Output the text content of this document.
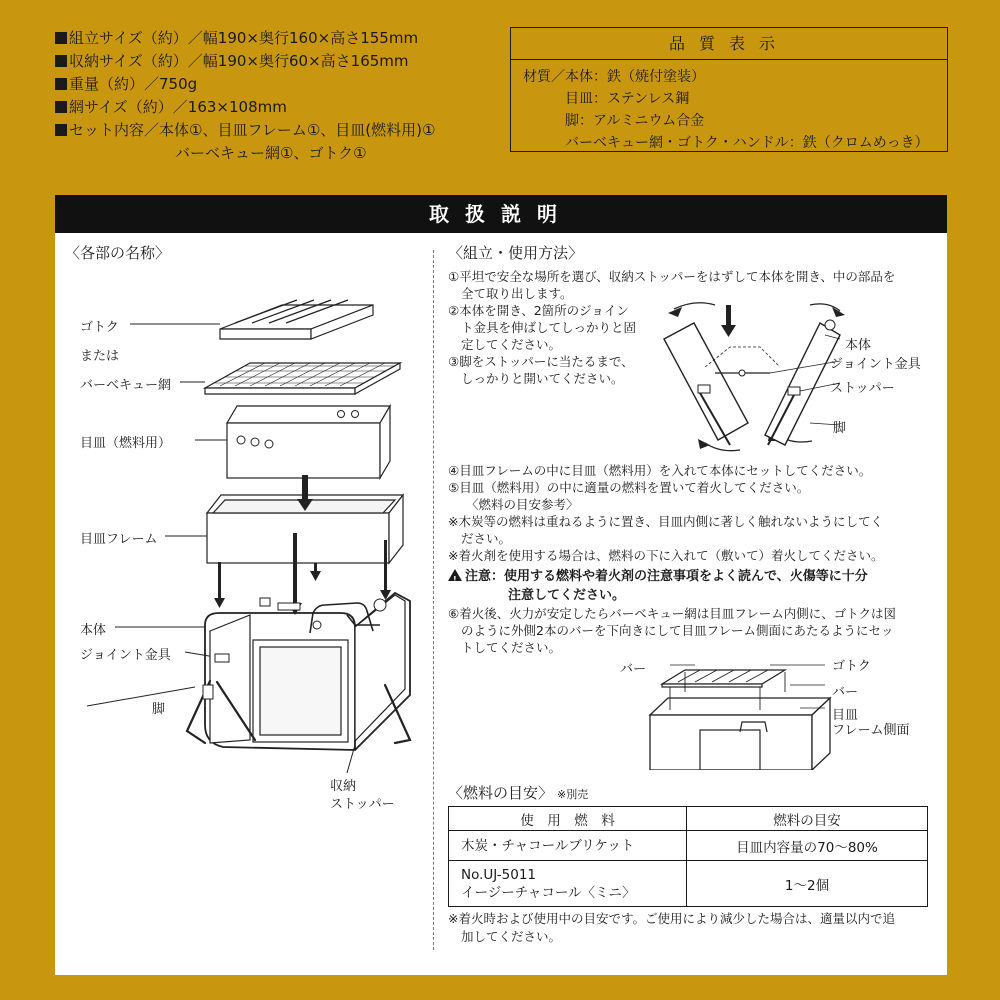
組立サイズ（約）／幅190×奥行160×高さ155mm
収納サイズ（約）／幅190×奥行60×高さ165mm
重量（約）／750g
網サイズ（約）／163×108mm
セット内容／本体①、目皿フレーム①、目皿(燃料用)①
バーベキュー網①、ゴトク①
品質表示
材質／本体：鉄（焼付塗装）
目皿：ステンレス鋼
脚：アルミニウム合金
バーベキュー網・ゴトク・ハンドル：鉄（クロムめっき）
取扱説明
〈各部の名称〉
ゴトク
または
バーベキュー網
目皿（燃料用）
目皿フレーム
本体
ジョイント金具
脚
収納
ストッパー
〈組立・使用方法〉
①平坦で安全な場所を選び、収納ストッパーをはずして本体を開き、中の部品を
全て取り出します。
②本体を開き、2箇所のジョイン
ト金具を伸ばしてしっかりと固
定してください。
③脚をストッパーに当たるまで、
しっかりと開いてください。
本体
ジョイント金具
ストッパー
脚
④目皿フレームの中に目皿（燃料用）を入れて本体にセットしてください。
⑤目皿（燃料用）の中に適量の燃料を置いて着火してください。
〈燃料の目安参考〉
※木炭等の燃料は重ねるように置き、目皿内側に著しく触れないようにしてく
ださい。
※着火剤を使用する場合は、燃料の下に入れて（敷いて）着火してください。
!注意：使用する燃料や着火剤の注意事項をよく読んで、火傷等に十分
注意してください。
⑥着火後、火力が安定したらバーベキュー網は目皿フレーム内側に、ゴトクは図
のように外側2本のバーを下向きにして目皿フレーム側面にあたるようにセッ
トしてください。
バー	ゴトク
バー
目皿
フレーム側面
〈燃料の目安〉 ※別売
使　用　燃　料	燃料の目安
木炭・チャコールブリケット	目皿内容量の70〜80%

No.UJ-5011
イージーチャコール〈ミニ〉	1〜2個
※着火時および使用中の目安です。ご使用により減少した場合は、適量以内で追
加してください。
